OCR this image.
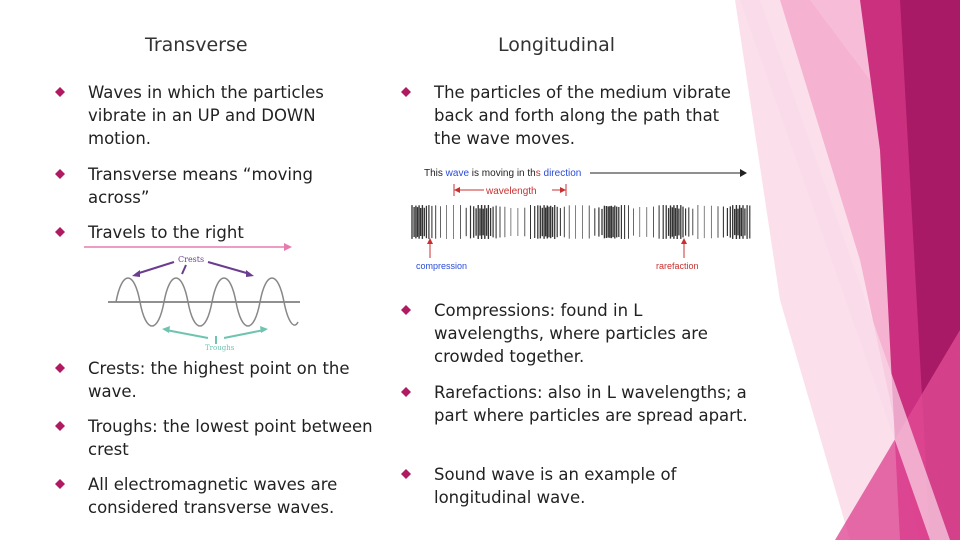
Transverse	Longitudinal
Waves in which the particles vibrate in an UP and DOWN motion.
Transverse means “moving across”
Travels to the right
Crests
Troughs
Crests: the highest point on the wave.
Troughs: the lowest point between crest
All electromagnetic waves are considered transverse waves.
The particles of the medium vibrate back and forth along the path that the wave moves.
This wave is moving in ths direction
wavelength
compression	rarefaction
Compressions: found in L wavelengths, where particles are crowded together.
Rarefactions: also in L wavelengths; a part where particles are spread apart.
Sound wave is an example of longitudinal wave.
